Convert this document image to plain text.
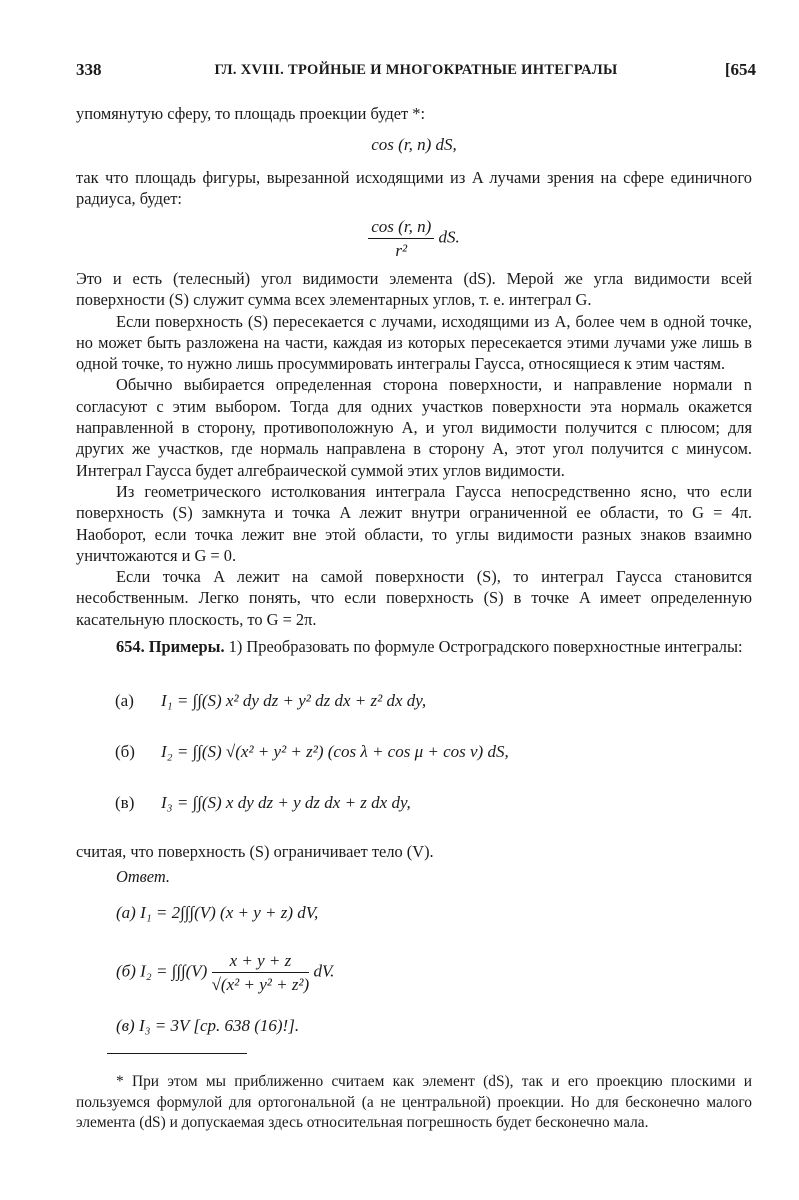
338	ГЛ. XVIII. ТРОЙНЫЕ И МНОГОКРАТНЫЕ ИНТЕГРАЛЫ	[654

упомянутую сферу, то площадь проекции будет *:

cos (r, n) dS,

так что площадь фигуры, вырезанной исходящими из A лучами зрения на сфере единичного радиуса, будет:

$\frac{\cos (r, n)}{\text{r²}}$ dS.

Это и есть (телесный) угол видимости элемента (dS). Мерой же угла видимости всей поверхности (S) служит сумма всех элементарных углов, т. е. интеграл G.

Если поверхность (S) пересекается с лучами, исходящими из A, более чем в одной точке, но может быть разложена на части, каждая из которых пересекается этими лучами уже лишь в одной точке, то нужно лишь просуммировать интегралы Гаусса, относящиеся к этим частям.

Обычно выбирается определенная сторона поверхности, и направление нормали n согласуют с этим выбором. Тогда для одних участков поверхности эта нормаль окажется направленной в сторону, противоположную A, и угол видимости получится с плюсом; для других же участков, где нормаль направлена в сторону A, этот угол получится с минусом. Интеграл Гаусса будет алгебраической суммой этих углов видимости.

Из геометрического истолкования интеграла Гаусса непосредственно ясно, что если поверхность (S) замкнута и точка A лежит внутри ограниченной ее области, то G = 4π. Наоборот, если точка лежит вне этой области, то углы видимости разных знаков взаимно уничтожаются и G = 0.

Если точка A лежит на самой поверхности (S), то интеграл Гаусса становится несобственным. Легко понять, что если поверхность (S) в точке A имеет определенную касательную плоскость, то G = 2π.

654. Примеры. 1) Преобразовать по формуле Остроградского поверхностные интегралы:

(а) I₁ = ∫∫(S) x² dy dz + y² dz dx + z² dx dy,
(б) I₂ = ∫∫(S) √(x² + y² + z²) (cos λ + cos μ + cos ν) dS,
(в) I₃ = ∫∫(S) x dy dz + y dz dx + z dx dy,

считая, что поверхность (S) ограничивает тело (V).

Ответ.
(а) I₁ = 2∫∫∫(V) (x + y + z) dV,
(б) $I_2 = \int\int\int(V) \frac{x + y + z}{\text{√(x² + y² + z²)}}$ dV.
(в) I₃ = 3V [ср. 638 (16)!].

* При этом мы приближенно считаем как элемент (dS), так и его проекцию плоскими и пользуемся формулой для ортогональной (а не центральной) проекции. Но для бесконечно малого элемента (dS) и допускаемая здесь относительная погрешность будет бесконечно мала.
